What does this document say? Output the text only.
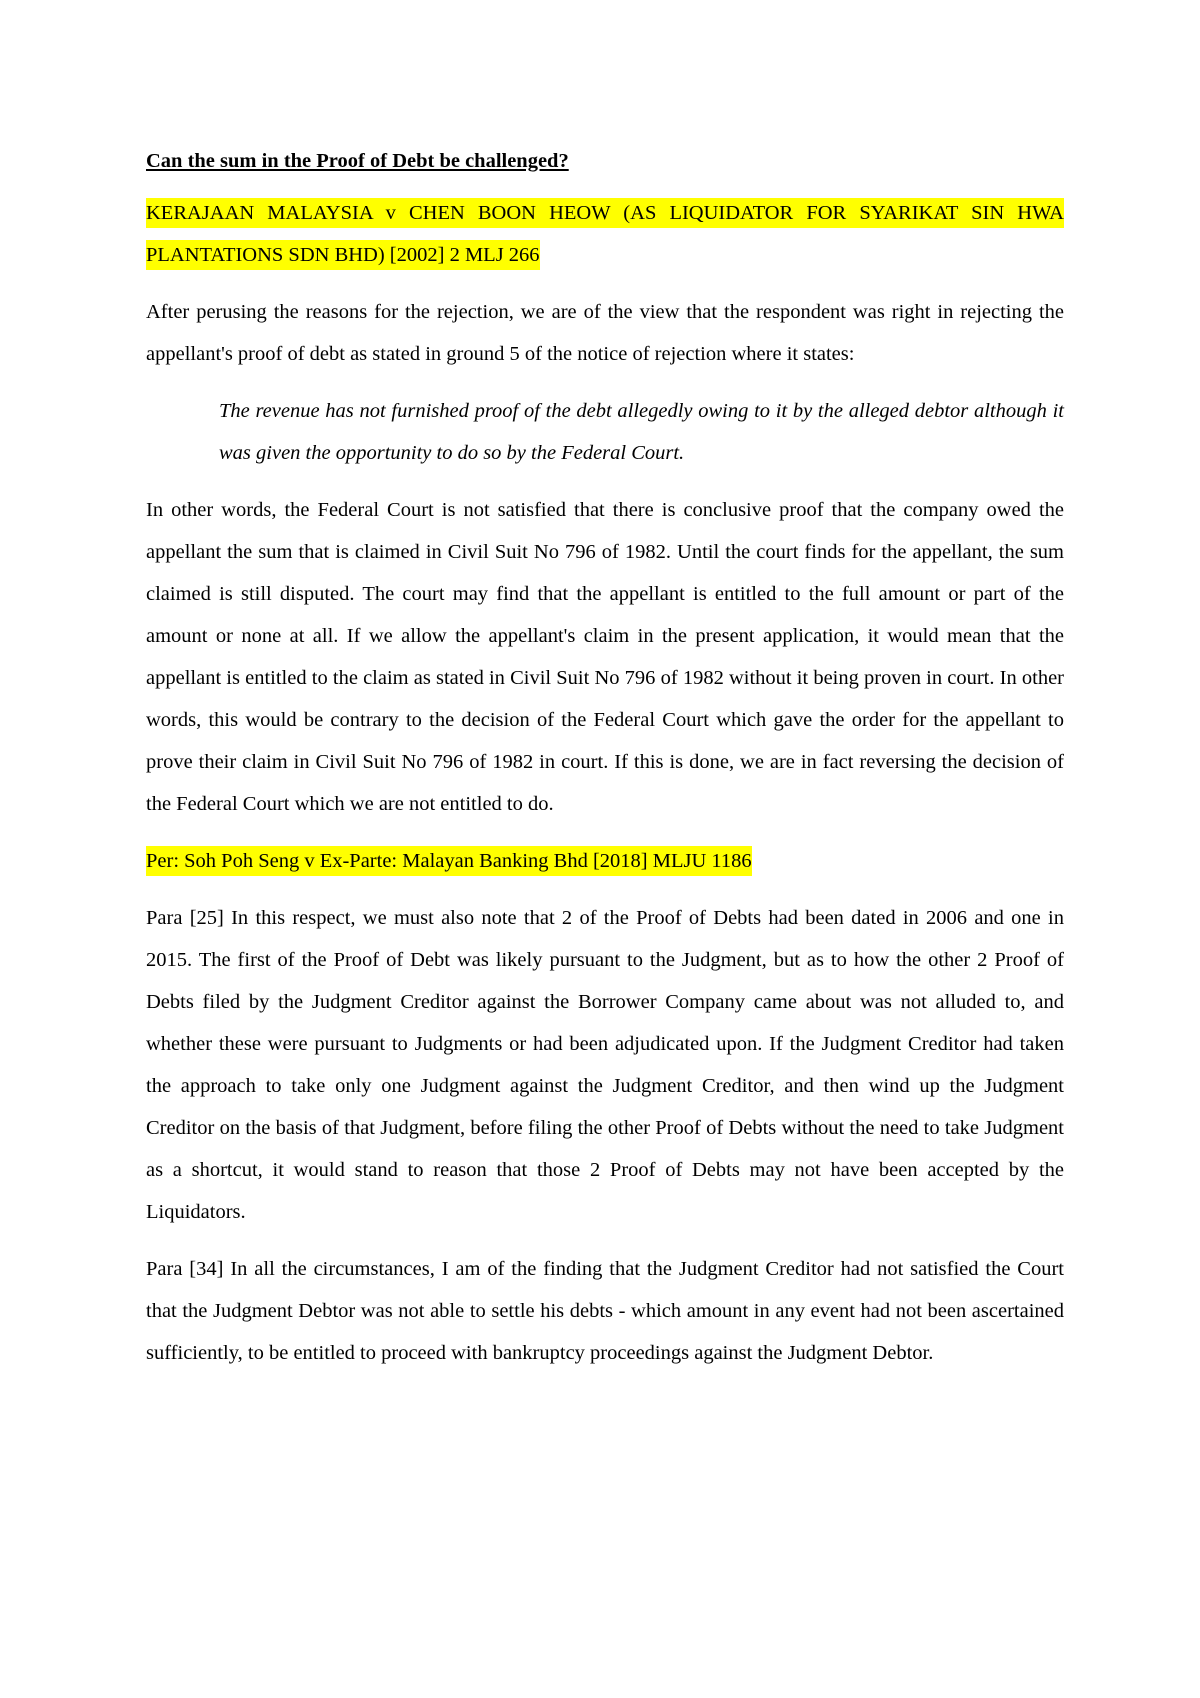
Can the sum in the Proof of Debt be challenged?

KERAJAAN MALAYSIA v CHEN BOON HEOW (AS LIQUIDATOR FOR SYARIKAT SIN HWA PLANTATIONS SDN BHD) [2002] 2 MLJ 266

After perusing the reasons for the rejection, we are of the view that the respondent was right in rejecting the appellant's proof of debt as stated in ground 5 of the notice of rejection where it states:

The revenue has not furnished proof of the debt allegedly owing to it by the alleged debtor although it was given the opportunity to do so by the Federal Court.

In other words, the Federal Court is not satisfied that there is conclusive proof that the company owed the appellant the sum that is claimed in Civil Suit No 796 of 1982. Until the court finds for the appellant, the sum claimed is still disputed. The court may find that the appellant is entitled to the full amount or part of the amount or none at all. If we allow the appellant's claim in the present application, it would mean that the appellant is entitled to the claim as stated in Civil Suit No 796 of 1982 without it being proven in court. In other words, this would be contrary to the decision of the Federal Court which gave the order for the appellant to prove their claim in Civil Suit No 796 of 1982 in court. If this is done, we are in fact reversing the decision of the Federal Court which we are not entitled to do.

Per: Soh Poh Seng v Ex-Parte: Malayan Banking Bhd [2018] MLJU 1186

Para [25] In this respect, we must also note that 2 of the Proof of Debts had been dated in 2006 and one in 2015. The first of the Proof of Debt was likely pursuant to the Judgment, but as to how the other 2 Proof of Debts filed by the Judgment Creditor against the Borrower Company came about was not alluded to, and whether these were pursuant to Judgments or had been adjudicated upon. If the Judgment Creditor had taken the approach to take only one Judgment against the Judgment Creditor, and then wind up the Judgment Creditor on the basis of that Judgment, before filing the other Proof of Debts without the need to take Judgment as a shortcut, it would stand to reason that those 2 Proof of Debts may not have been accepted by the Liquidators.

Para [34] In all the circumstances, I am of the finding that the Judgment Creditor had not satisfied the Court that the Judgment Debtor was not able to settle his debts - which amount in any event had not been ascertained sufficiently, to be entitled to proceed with bankruptcy proceedings against the Judgment Debtor.
